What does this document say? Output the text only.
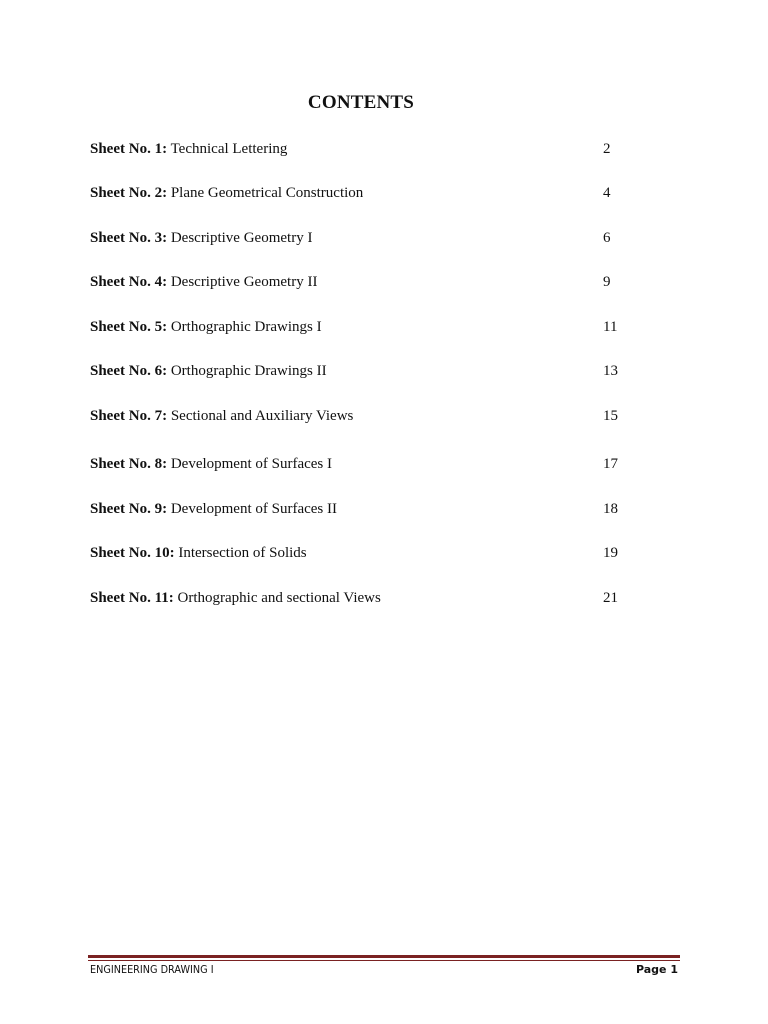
CONTENTS
Sheet No. 1: Technical Lettering	2
Sheet No. 2: Plane Geometrical Construction	4
Sheet No. 3: Descriptive Geometry I	6
Sheet No. 4: Descriptive Geometry II	9
Sheet No. 5: Orthographic Drawings I	11
Sheet No. 6: Orthographic Drawings II	13
Sheet No. 7: Sectional and Auxiliary Views	15
Sheet No. 8: Development of Surfaces I	17
Sheet No. 9: Development of Surfaces II	18
Sheet No. 10: Intersection of Solids	19
Sheet No. 11: Orthographic and sectional Views	21
ENGINEERING DRAWING I	Page 1
